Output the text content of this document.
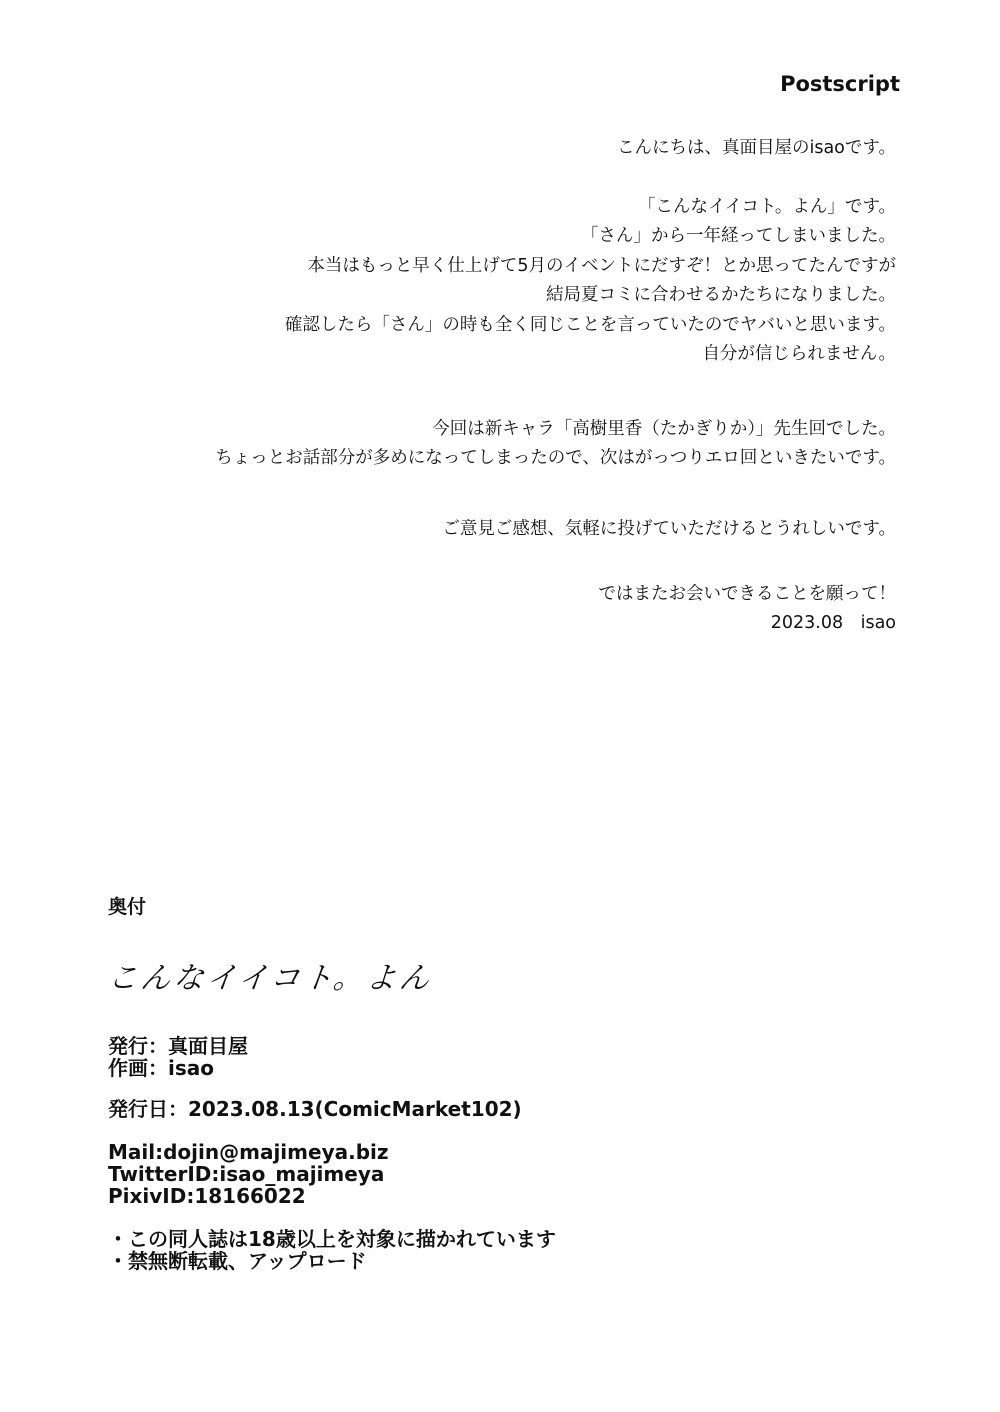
Postscript

こんにちは、真面目屋のisaoです。

「こんなイイコト。よん」です。

「さん」から一年経ってしまいました。

本当はもっと早く仕上げて5月のイベントにだすぞ！とか思ってたんですが

結局夏コミに合わせるかたちになりました。

確認したら「さん」の時も全く同じことを言っていたのでヤバいと思います。

自分が信じられません。

今回は新キャラ「高樹里香（たかぎりか）」先生回でした。

ちょっとお話部分が多めになってしまったので、次はがっつりエロ回といきたいです。

ご意見ご感想、気軽に投げていただけるとうれしいです。

ではまたお会いできることを願って！

2023.08　isao

奥付

こんなイイコト。よん
発行：真面目屋
作画：isao
発行日：2023.08.13(ComicMarket102)
Mail:dojin@majimeya.biz
TwitterID:isao_majimeya
PixivID:18166022
・この同人誌は18歳以上を対象に描かれています
・禁無断転載、アップロード
